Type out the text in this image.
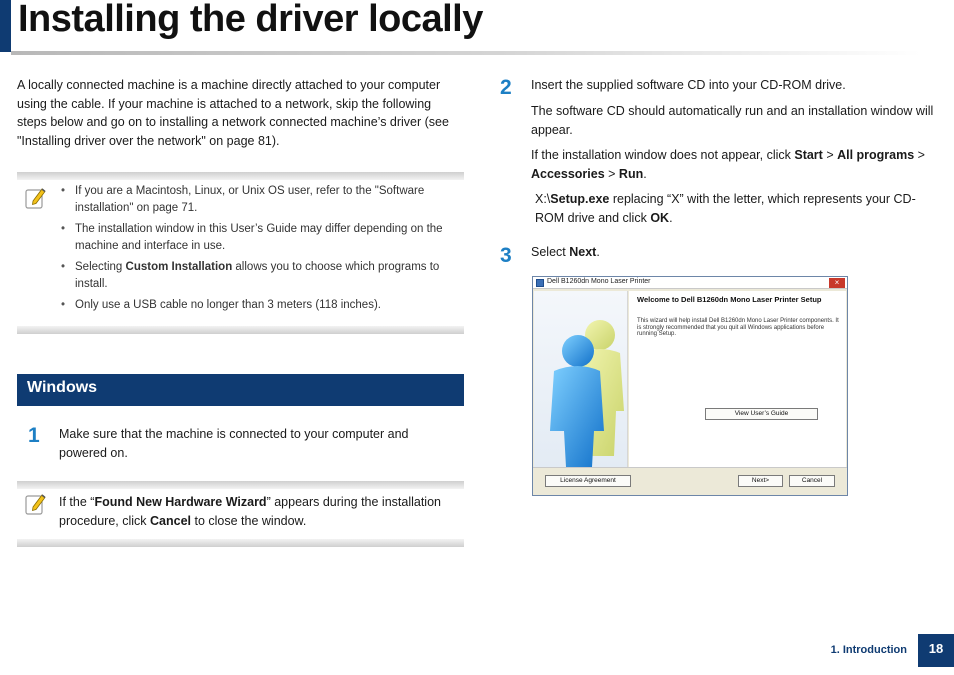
Installing the driver locally

A locally connected machine is a machine directly attached to your computer using the cable. If your machine is attached to a network, skip the following steps below and go on to installing a network connected machine’s driver (see "Installing driver over the network" on page 81).

• If you are a Macintosh, Linux, or Unix OS user, refer to the "Software installation" on page 71.
• The installation window in this User’s Guide may differ depending on the machine and interface in use.
• Selecting Custom Installation allows you to choose which programs to install.
• Only use a USB cable no longer than 3 meters (118 inches).
Windows
1 Make sure that the machine is connected to your computer and powered on.

If the “Found New Hardware Wizard” appears during the installation procedure, click Cancel to close the window.

2 Insert the supplied software CD into your CD-ROM drive.

The software CD should automatically run and an installation window will appear.

If the installation window does not appear, click Start > All programs > Accessories > Run.

X:\Setup.exe replacing “X” with the letter, which represents your CD-ROM drive and click OK.

3 Select Next.

Dell B1260dn Mono Laser Printer	×
Welcome to Dell B1260dn Mono Laser Printer Setup
This wizard will help install Dell B1260dn Mono Laser Printer components. It is strongly recommended that you quit all Windows applications before running Setup.
View User’s Guide
License Agreement	Next>	Cancel
1. Introduction	18
